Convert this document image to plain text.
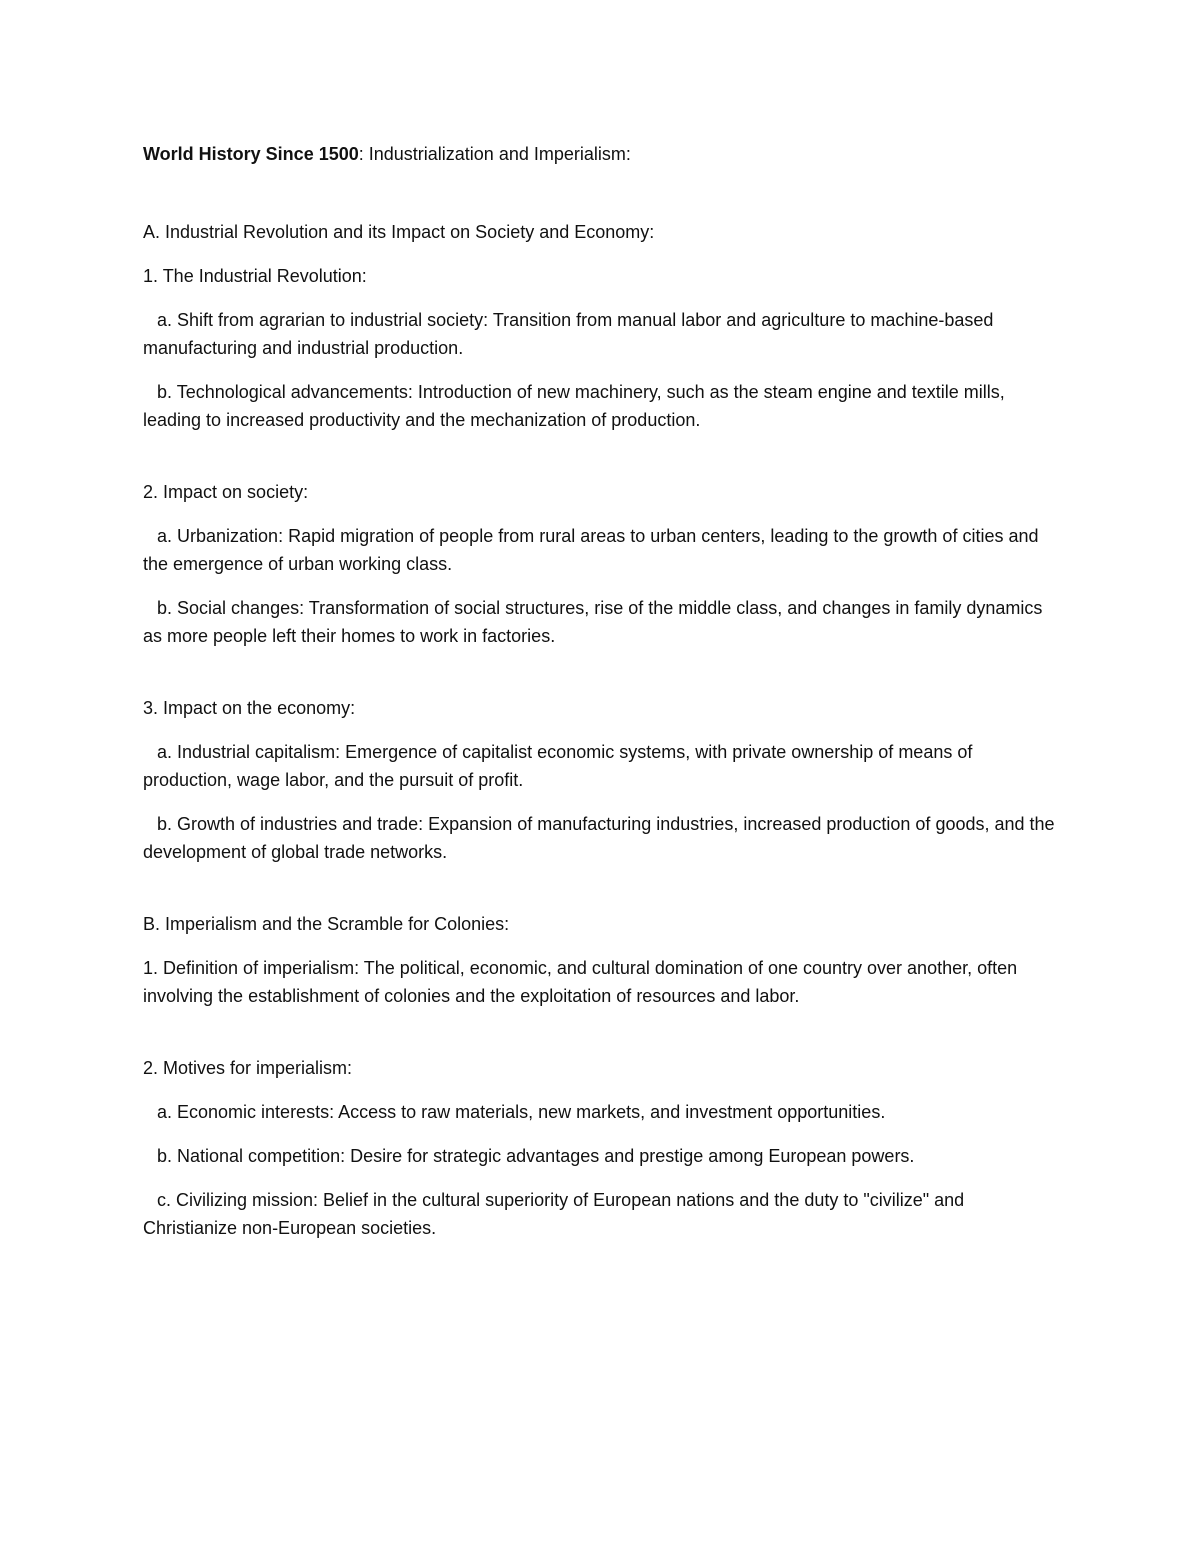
World History Since 1500: Industrialization and Imperialism:

A. Industrial Revolution and its Impact on Society and Economy:

1. The Industrial Revolution:

a. Shift from agrarian to industrial society: Transition from manual labor and agriculture to machine-based manufacturing and industrial production.

b. Technological advancements: Introduction of new machinery, such as the steam engine and textile mills, leading to increased productivity and the mechanization of production.

2. Impact on society:

a. Urbanization: Rapid migration of people from rural areas to urban centers, leading to the growth of cities and the emergence of urban working class.

b. Social changes: Transformation of social structures, rise of the middle class, and changes in family dynamics as more people left their homes to work in factories.

3. Impact on the economy:

a. Industrial capitalism: Emergence of capitalist economic systems, with private ownership of means of production, wage labor, and the pursuit of profit.

b. Growth of industries and trade: Expansion of manufacturing industries, increased production of goods, and the development of global trade networks.

B. Imperialism and the Scramble for Colonies:

1. Definition of imperialism: The political, economic, and cultural domination of one country over another, often involving the establishment of colonies and the exploitation of resources and labor.

2. Motives for imperialism:

a. Economic interests: Access to raw materials, new markets, and investment opportunities.

b. National competition: Desire for strategic advantages and prestige among European powers.

c. Civilizing mission: Belief in the cultural superiority of European nations and the duty to "civilize" and Christianize non-European societies.
